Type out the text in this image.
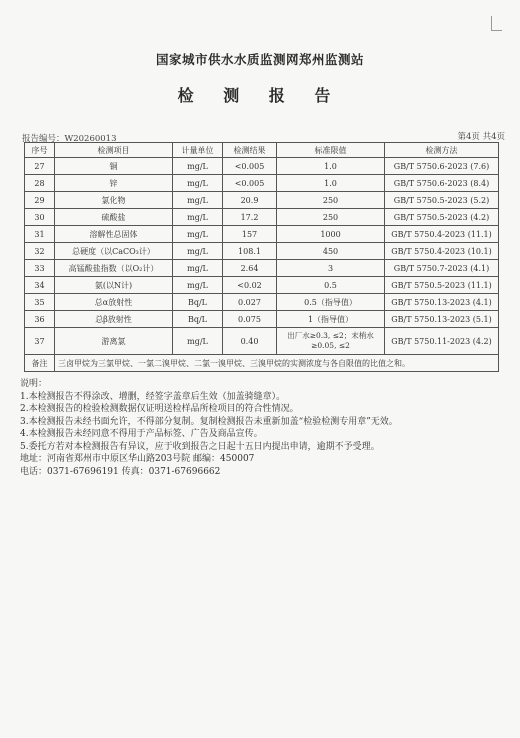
国家城市供水水质监测网郑州监测站
检 测 报 告
报告编号：W20260013	第4页 共4页
序号	检测项目	计量单位	检测结果	标准限值	检测方法
27	铜	mg/L	<0.005	1.0	GB/T 5750.6-2023 (7.6)
28	锌	mg/L	<0.005	1.0	GB/T 5750.6-2023 (8.4)
29	氯化物	mg/L	20.9	250	GB/T 5750.5-2023 (5.2)
30	硫酸盐	mg/L	17.2	250	GB/T 5750.5-2023 (4.2)
31	溶解性总固体	mg/L	157	1000	GB/T 5750.4-2023 (11.1)
32	总硬度（以CaCO₃计）	mg/L	108.1	450	GB/T 5750.4-2023 (10.1)
33	高锰酸盐指数（以O₂计）	mg/L	2.64	3	GB/T 5750.7-2023 (4.1)
34	氨(以N计)	mg/L	<0.02	0.5	GB/T 5750.5-2023 (11.1)
35	总α放射性	Bq/L	0.027	0.5（指导值）	GB/T 5750.13-2023 (4.1)
36	总β放射性	Bq/L	0.075	1（指导值）	GB/T 5750.13-2023 (5.1)
37	游离氯	mg/L	0.40	出厂水≥0.3, ≤2；末梢水≥0.05, ≤2	GB/T 5750.11-2023 (4.2)
备注	三卤甲烷为三氯甲烷、一氯二溴甲烷、二氯一溴甲烷、三溴甲烷的实测浓度与各自限值的比值之和。				
说明：
1.本检测报告不得涂改、增删，经签字盖章后生效（加盖骑缝章）。
2.本检测报告的检验检测数据仅证明送检样品所检项目的符合性情况。
3.本检测报告未经书面允许，不得部分复制。复制检测报告未重新加盖“检验检测专用章”无效。
4.本检测报告未经同意不得用于产品标签、广告及商品宣传。
5.委托方若对本检测报告有异议，应于收到报告之日起十五日内提出申请，逾期不予受理。
地址：河南省郑州市中原区华山路203号院 邮编：450007
电话：0371-67696191 传真：0371-67696662
